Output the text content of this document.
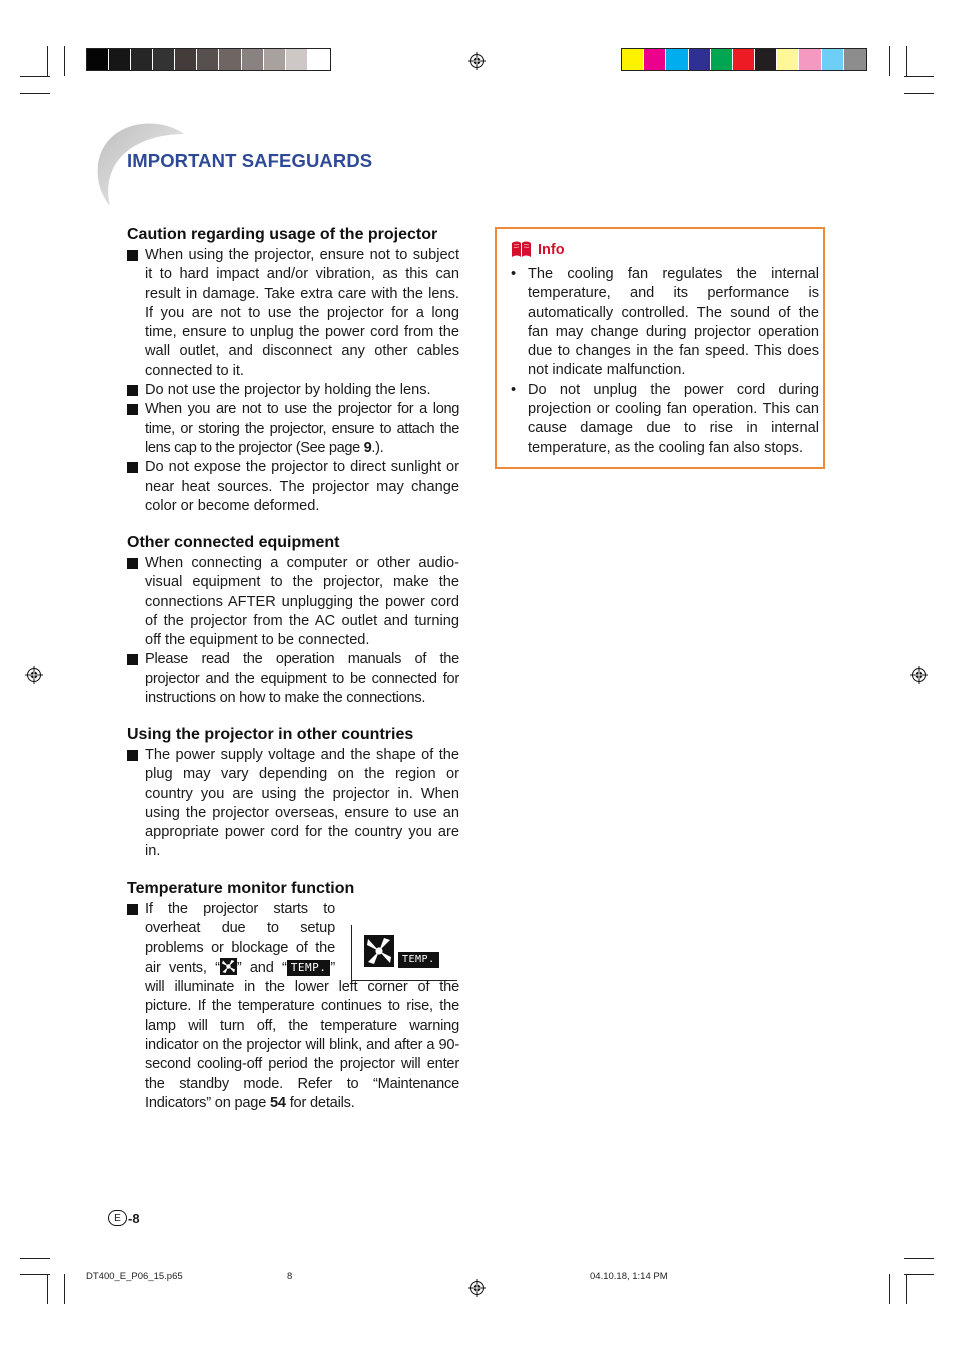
IMPORTANT SAFEGUARDS
Caution regarding usage of the projector
When using the projector, ensure not to subject it to hard impact and/or vibration, as this can result in damage. Take extra care with the lens. If you are not to use the projector for a long time, ensure to unplug the power cord from the wall outlet, and disconnect any other cables connected to it.
Do not use the projector by holding the lens.
When you are not to use the projector for a long time, or storing the projector, ensure to attach the lens cap to the projector (See page 9.).
Do not expose the projector to direct sunlight or near heat sources. The projector may change color or become deformed.
Other connected equipment
When connecting a computer or other audio-visual equipment to the projector, make the connections AFTER unplugging the power cord of the projector from the AC outlet and turning off the equipment to be connected.
Please read the operation manuals of the projector and the equipment to be connected for instructions on how to make the connections.
Using the projector in other countries
The power supply voltage and the shape of the plug may vary depending on the region or country you are using the projector in. When using the projector overseas, ensure to use an appropriate power cord for the country you are in.
Temperature monitor function
If the projector starts to overheat due to setup problems or blockage of the air vents, “ ” and “ TEMP. ” will illuminate in the lower left corner of the picture. If the temperature continues to rise, the lamp will turn off, the temperature warning indicator on the projector will blink, and after a 90-second cooling-off period the projector will enter the standby mode. Refer to “Maintenance Indicators” on page 54 for details.
TEMP.
Info
• The cooling fan regulates the internal temperature, and its performance is automatically controlled. The sound of the fan may change during projector operation due to changes in the fan speed. This does not indicate malfunction.
• Do not unplug the power cord during projection or cooling fan operation. This can cause damage due to rise in internal temperature, as the cooling fan also stops.
E -8
DT400_E_P06_15.p65	8	04.10.18, 1:14 PM
